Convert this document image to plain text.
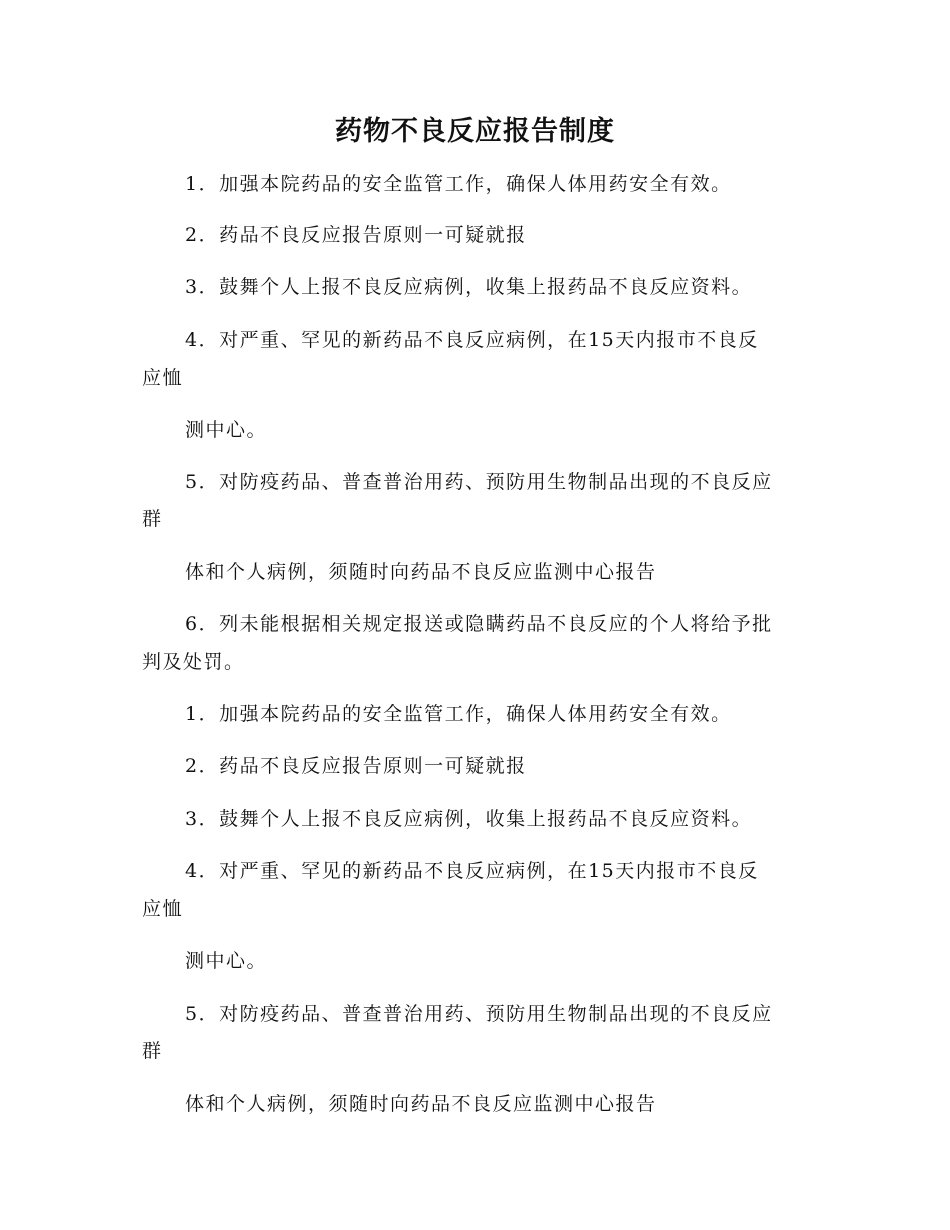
药物不良反应报告制度

1．加强本院药品的安全监管工作，确保人体用药安全有效。

2．药品不良反应报告原则一可疑就报

3．鼓舞个人上报不良反应病例，收集上报药品不良反应资料。

4．对严重、罕见的新药品不良反应病例，在15天内报市不良反

应恤

测中心。

5．对防疫药品、普查普治用药、预防用生物制品出现的不良反应

群

体和个人病例，须随时向药品不良反应监测中心报告

6．列未能根据相关规定报送或隐瞒药品不良反应的个人将给予批

判及处罚。

1．加强本院药品的安全监管工作，确保人体用药安全有效。

2．药品不良反应报告原则一可疑就报

3．鼓舞个人上报不良反应病例，收集上报药品不良反应资料。

4．对严重、罕见的新药品不良反应病例，在15天内报市不良反

应恤

测中心。

5．对防疫药品、普查普治用药、预防用生物制品出现的不良反应

群

体和个人病例，须随时向药品不良反应监测中心报告
